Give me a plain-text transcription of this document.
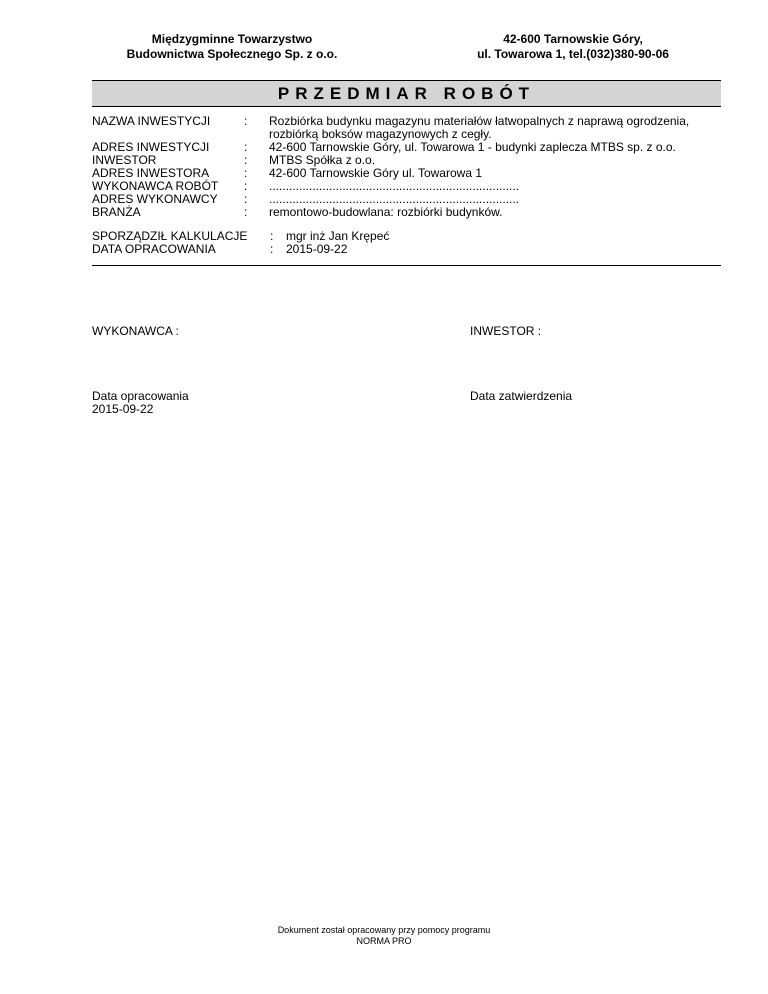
Międzygminne Towarzystwo
Budownictwa Społecznego Sp. z o.o.
42-600 Tarnowskie Góry,
ul. Towarowa 1, tel.(032)380-90-06
PRZEDMIAR ROBÓT
NAZWA INWESTYCJI	: Rozbiórka budynku magazynu materiałów łatwopalnych z naprawą ogrodzenia, rozbiórką boksów magazynowych z cegły.
ADRES INWESTYCJI	: 42-600 Tarnowskie Góry, ul. Towarowa 1 - budynki zaplecza MTBS sp. z o.o.
INWESTOR	: MTBS Spółka z o.o.
ADRES INWESTORA	: 42-600 Tarnowskie Góry ul. Towarowa 1
WYKONAWCA ROBÓT : ...........................................................................
ADRES WYKONAWCY : ...........................................................................
BRANŻA	: remontowo-budowlana: rozbiórki budynków.
SPORZĄDZIŁ KALKULACJE : mgr inż Jan Krępeć
DATA OPRACOWANIA	: 2015-09-22
WYKONAWCA :	INWESTOR :
Data opracowania
2015-09-22
Data zatwierdzenia
Dokument został opracowany przy pomocy programu
NORMA PRO
